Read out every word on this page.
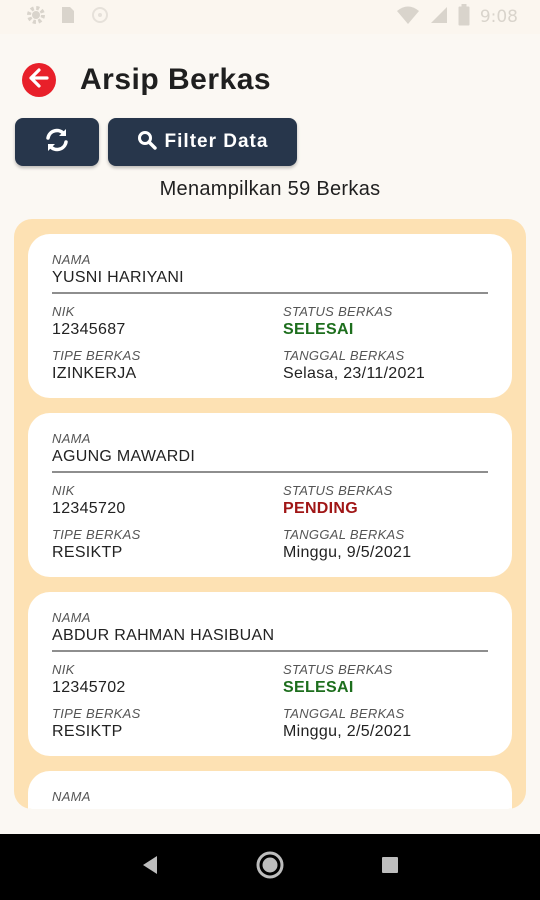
9:08
Arsip Berkas
Filter Data
Menampilkan 59 Berkas
NAMA
YUSNI HARIYANI
NIK
12345687
STATUS BERKAS
SELESAI
TIPE BERKAS
IZINKERJA
TANGGAL BERKAS
Selasa, 23/11/2021
NAMA
AGUNG MAWARDI
NIK
12345720
STATUS BERKAS
PENDING
TIPE BERKAS
RESIKTP
TANGGAL BERKAS
Minggu, 9/5/2021
NAMA
ABDUR RAHMAN HASIBUAN
NIK
12345702
STATUS BERKAS
SELESAI
TIPE BERKAS
RESIKTP
TANGGAL BERKAS
Minggu, 2/5/2021
NAMA
